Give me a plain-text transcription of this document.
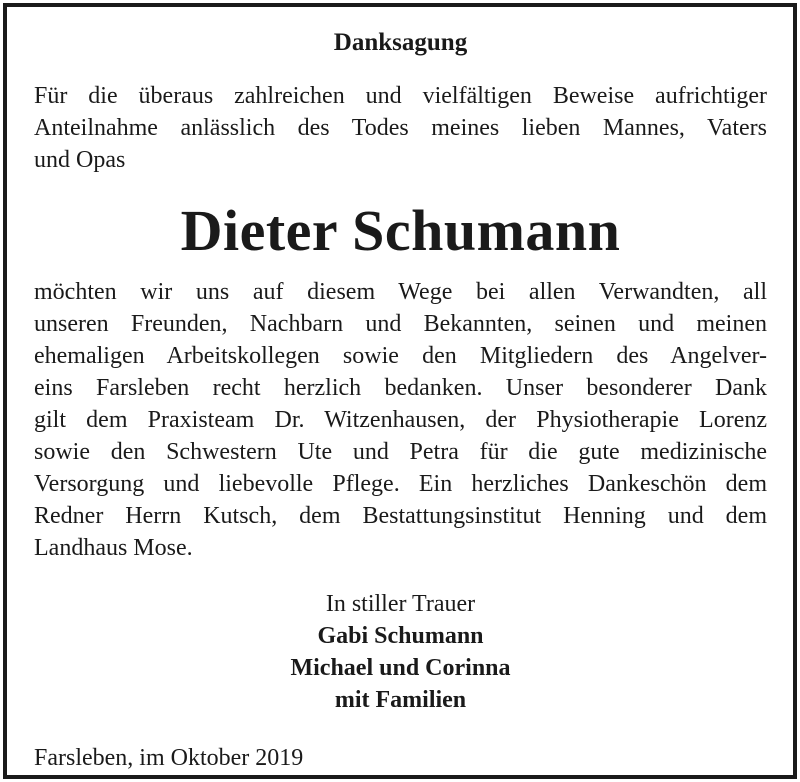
Danksagung
Für die überaus zahlreichen und vielfältigen Beweise aufrichtiger
Anteilnahme anlässlich des Todes meines lieben Mannes, Vaters
und Opas
Dieter Schumann
möchten wir uns auf diesem Wege bei allen Verwandten, all
unseren Freunden, Nachbarn und Bekannten, seinen und meinen
ehemaligen Arbeitskollegen sowie den Mitgliedern des Angelver-
eins Farsleben recht herzlich bedanken. Unser besonderer Dank
gilt dem Praxisteam Dr. Witzenhausen, der Physiotherapie Lorenz
sowie den Schwestern Ute und Petra für die gute medizinische
Versorgung und liebevolle Pflege. Ein herzliches Dankeschön dem
Redner Herrn Kutsch, dem Bestattungsinstitut Henning und dem
Landhaus Mose.
In stiller Trauer
Gabi Schumann
Michael und Corinna
mit Familien
Farsleben, im Oktober 2019
